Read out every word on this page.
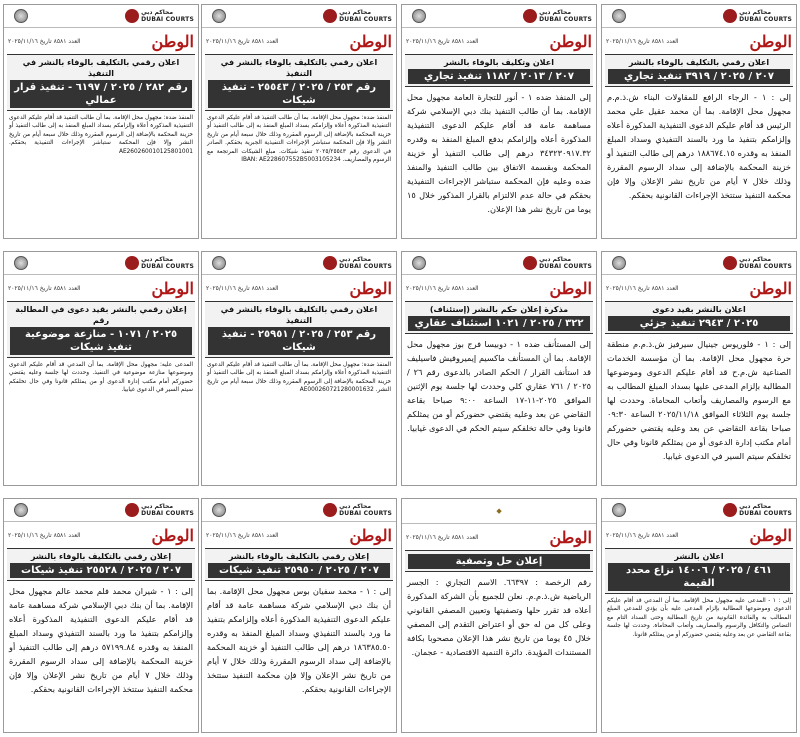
محاكم دبي
DUBAI COURTS
الوطن
العدد ٨٥٨١ تاريخ ٢٠٢٥/١١/١٦
اعلان رقمي بالتكليف بالوفاء بالنشر
٢٠٧ / ٢٠٢٥ / ٣٩١٩ تنفيذ تجاري
إلى : ١ - الرجاء الرافع للمقاولات البناء ش.ذ.م.م مجهول محل الإقامة. بما أن محمد عقيل علي محمد الرئيس قد أقام عليكم الدعوى التنفيذية المذكورة أعلاه وإلزامكم بتنفيذ ما ورد بالسند التنفيذي وسداد المبلغ المنفذ به وقدره ١٨٨٦٧٤.١٥ درهم إلى طالب التنفيذ أو خزينة المحكمة بالإضافة إلى سداد الرسوم المقررة وذلك خلال ٧ أيام من تاريخ نشر الإعلان وإلا فإن محكمة التنفيذ ستتخذ الإجراءات القانونية بحقكم.
محاكم دبي
DUBAI COURTS
الوطن
العدد ٨٥٨١ تاريخ ٢٠٢٥/١١/١٦
اعلان وتكليف بالوفاء بالنشر
٢٠٧ / ٢٠١٣ / ١١٨٢ تنفيذ تجاري
إلى المنفذ ضده ١ - أنور للتجارة العامة مجهول محل الإقامة. بما أن طالب التنفيذ بنك دبي الإسلامي شركة مساهمة عامة قد أقام عليكم الدعوى التنفيذية المذكورة أعلاه وإلزامكم بدفع المبلغ المنفذ به وقدره ٣٤٣٢٣٠٩١٧.٣٢ درهم إلى طالب التنفيذ أو خزينة المحكمة وبقسمة الاتفاق بين طالب التنفيذ والمنفذ ضده وعليه فإن المحكمة ستباشر الإجراءات التنفيذية بحقكم في حالة عدم الالتزام بالقرار المذكور خلال ١٥ يوما من تاريخ نشر هذا الإعلان.
محاكم دبي
DUBAI COURTS
الوطن
العدد ٨٥٨١ تاريخ ٢٠٢٥/١١/١٦
اعلان رقمي بالتكليف بالوفاء بالنشر في التنفيذ
رقم ٢٥٣ / ٢٠٢٥ / ٢٥٥٤٣ - تنفيذ شيكات
المنفذ ضده: مجهول محل الإقامة. بما أن طالب التنفيذ قد أقام عليكم الدعوى التنفيذية المذكورة أعلاه وإلزامكم بسداد المبلغ المنفذ به إلى طالب التنفيذ أو خزينة المحكمة بالإضافة إلى الرسوم المقررة وذلك خلال سبعة أيام من تاريخ النشر وإلا فإن المحكمة ستباشر الإجراءات التنفيذية الجبرية بحقكم. الصادر في الدعوى رقم ٢٠٢٥/٢٥٥٤٣ تنفيذ شيكات. مبلغ الشيكات المرتجعة مع الرسوم والمصاريف. IBAN: AE228607552B5003105234
محاكم دبي
DUBAI COURTS
الوطن
العدد ٨٥٨١ تاريخ ٢٠٢٥/١١/١٦
اعلان رقمي بالتكليف بالوفاء بالنشر في التنفيذ
رقم ٢٨٢ / ٢٠٢٥ / ٦١٩٧ - تنفيذ قرار عمالي
المنفذ ضده: مجهول محل الإقامة. بما أن طالب التنفيذ قد أقام عليكم الدعوى التنفيذية المذكورة أعلاه وإلزامكم بسداد المبلغ المنفذ به إلى طالب التنفيذ أو خزينة المحكمة بالإضافة إلى الرسوم المقررة وذلك خلال سبعة أيام من تاريخ النشر وإلا فإن المحكمة ستباشر الإجراءات التنفيذية بحقكم. AE260260010125801001
محاكم دبي
DUBAI COURTS
الوطن
العدد ٨٥٨١ تاريخ ٢٠٢٥/١١/١٦
اعلان بالنشر بقيد دعوى
٢٠٢٥ / ٢٩٤٣ تنفيذ جزئي
إلى : ١ - فلوريوس جينيال سيرفيز ش.ذ.م.م منطقة حرة مجهول محل الإقامة. بما أن مؤسسة الخدمات الصناعية ش.م.ح قد أقام عليكم الدعوى وموضوعها المطالبة بإلزام المدعى عليها بسداد المبلغ المطالب به مع الرسوم والمصاريف وأتعاب المحاماة. وحددت لها جلسة يوم الثلاثاء الموافق ٢٠٢٥/١١/١٨ الساعة ٠٩:٣٠ صباحا بقاعة التقاضي عن بعد وعليه يقتضي حضوركم أمام مكتب إدارة الدعوى أو من يمثلكم قانونا وفي حال تخلفكم سيتم السير في الدعوى غيابيا.
محاكم دبي
DUBAI COURTS
الوطن
العدد ٨٥٨١ تاريخ ٢٠٢٥/١١/١٦
مذكرة إعلان حكم بالنشر (إستئناف)
٣٢٢ / ٢٠٢٥ / ١٠٢١ استئناف عقاري
إلى المستأنف ضده ١ - دوبيسا فرج بوز مجهول محل الإقامة. بما أن المستأنف ماكسيم إيميروفيش فاسيليف قد استأنف القرار / الحكم الصادر بالدعوى رقم ٢٦ / ٢٠٢٥ / ٧٦١ عقاري كلي وحددت لها جلسة يوم الإثنين الموافق ٢٠٢٥-١١-١٧ الساعة ٩:٠٠ صباحا بقاعة التقاضي عن بعد وعليه يقتضي حضوركم أو من يمثلكم قانونا وفي حالة تخلفكم سيتم الحكم في الدعوى غيابيا.
محاكم دبي
DUBAI COURTS
الوطن
العدد ٨٥٨١ تاريخ ٢٠٢٥/١١/١٦
اعلان رقمي بالتكليف بالوفاء بالنشر في التنفيذ
رقم ٢٥٣ / ٢٠٢٥ / ٢٥٩٥١ - تنفيذ شيكات
المنفذ ضده: مجهول محل الإقامة. بما أن طالب التنفيذ قد أقام عليكم الدعوى التنفيذية المذكورة أعلاه وإلزامكم بسداد المبلغ المنفذ به إلى طالب التنفيذ أو خزينة المحكمة بالإضافة إلى الرسوم المقررة وذلك خلال سبعة أيام من تاريخ النشر. AE000260721280001632
محاكم دبي
DUBAI COURTS
الوطن
العدد ٨٥٨١ تاريخ ٢٠٢٥/١١/١٦
إعلان رقمي بالنشر بقيد دعوى في المطالبة رقم
٢٠٢٥ / ١٠٧١ - منازعة موضوعية تنفيذ شيكات
المدعى عليه: مجهول محل الإقامة. بما أن المدعي قد أقام عليكم الدعوى وموضوعها منازعة موضوعية في التنفيذ. وحددت لها جلسة وعليه يقتضي حضوركم أمام مكتب إدارة الدعوى أو من يمثلكم قانونا وفي حال تخلفكم سيتم السير في الدعوى غيابيا.
محاكم دبي
DUBAI COURTS
الوطن
العدد ٨٥٨١ تاريخ ٢٠٢٥/١١/١٦
اعلان بالنشر
٤٦١ / ٢٠٢٥ / ١٤٠٠٦ نزاع محدد القيمة
إلى : ١ - المدعى عليه مجهول محل الإقامة. بما أن المدعي قد أقام عليكم الدعوى وموضوعها المطالبة بإلزام المدعى عليه بأن يؤدي للمدعي المبلغ المطالب به والفائدة القانونية من تاريخ المطالبة وحتى السداد التام مع التضامن والتكافل والرسوم والمصاريف وأتعاب المحاماة. وحددت لها جلسة بقاعة التقاضي عن بعد وعليه يقتضي حضوركم أو من يمثلكم قانونا.
◆
الوطن
العدد ٨٥٨١ تاريخ ٢٠٢٥/١١/١٦
إعلان حل وتصفية
رقم الرخصة : ٦٦٣٩٧. الاسم التجاري : الجسر الرياضية ش.ذ.م.م. نعلن للجميع بأن الشركة المذكورة أعلاه قد تقرر حلها وتصفيتها وتعيين المصفي القانوني وعلى كل من له حق أو اعتراض التقدم إلى المصفي خلال ٤٥ يوما من تاريخ نشر هذا الإعلان مصحوبا بكافة المستندات المؤيدة. دائرة التنمية الاقتصادية - عجمان.
محاكم دبي
DUBAI COURTS
الوطن
العدد ٨٥٨١ تاريخ ٢٠٢٥/١١/١٦
إعلان رقمي بالتكليف بالوفاء بالنشر
٢٠٧ / ٢٠٢٥ / ٢٥٩٥٠ تنفيذ شيكات
إلى : ١ - محمد سفيان بوس مجهول محل الإقامة. بما أن بنك دبي الإسلامي شركة مساهمة عامة قد أقام عليكم الدعوى التنفيذية المذكورة أعلاه وإلزامكم بتنفيذ ما ورد بالسند التنفيذي وسداد المبلغ المنفذ به وقدره ١٨٦٣٨٥.٥٠ درهم إلى طالب التنفيذ أو خزينة المحكمة بالإضافة إلى سداد الرسوم المقررة وذلك خلال ٧ أيام من تاريخ نشر الإعلان وإلا فإن محكمة التنفيذ ستتخذ الإجراءات القانونية بحقكم.
محاكم دبي
DUBAI COURTS
الوطن
العدد ٨٥٨١ تاريخ ٢٠٢٥/١١/١٦
إعلان رقمي بالتكليف بالوفاء بالنشر
٢٠٧ / ٢٠٢٥ / ٢٥٥٢٨ تنفيذ شيكات
إلى : ١ - شيران محمد فلم محمد عالم مجهول محل الإقامة. بما أن بنك دبي الإسلامي شركة مساهمة عامة قد أقام عليكم الدعوى التنفيذية المذكورة أعلاه وإلزامكم بتنفيذ ما ورد بالسند التنفيذي وسداد المبلغ المنفذ به وقدره ٥٧١٩٩.٨٤ درهم إلى طالب التنفيذ أو خزينة المحكمة بالإضافة إلى سداد الرسوم المقررة وذلك خلال ٧ أيام من تاريخ نشر الإعلان وإلا فإن محكمة التنفيذ ستتخذ الإجراءات القانونية بحقكم.
